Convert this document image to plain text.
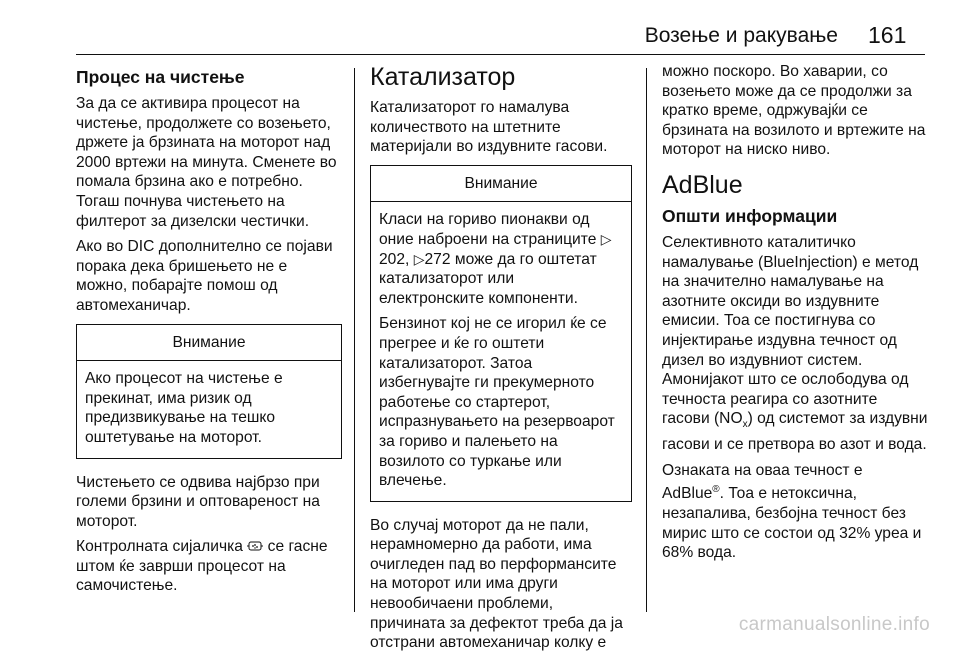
Возење и ракување 161
Процес на чистење

За да се активира процесот на чистење, продолжете со возењето, држете ја брзината на моторот над 2000 вртежи на минута. Сменете во помала брзина ако е потребно. Тогаш почнува чистењето на филтерот за дизелски честички.

Ако во DIC дополнително се појави порака дека бришењето не е можно, побарајте помош од автомеханичар.

Внимание

Ако процесот на чистење е прекинат, има ризик од предизвикување на тешко оштетување на моторот.

Чистењето се одвива најбрзо при големи брзини и оптовареност на моторот.

Контролната сијаличка се гасне штом ќе заврши процесот на самочистење.

Катализатор

Катализаторот го намалува количеството на штетните материјали во издувните гасови.

Внимание

Класи на гориво пионакви од оние наброени на страниците ▷202, ▷272 може да го оштетат катализаторот или електронските компоненти.

Бензинот кој не се игорил ќе се прегрее и ќе го оштети катализаторот. Затоа избегнувајте ги прекумерното работење со стартерот, испразнувањето на резервоарот за гориво и палењето на возилото со туркање или влечење.

Во случај моторот да не пали, нерамномерно да работи, има очигледен пад во перформансите на моторот или има други невообичаени проблеми, причината за дефектот треба да ја отстрани автомеханичар колку е

можно поскоро. Во хаварии, со возењето може да се продолжи за кратко време, одржувајќи се брзината на возилото и вртежите на моторот на ниско ниво.

AdBlue
Општи информации

Селективното каталитичко намалување (BlueInjection) е метод на значително намалување на азотните оксиди во издувните емисии. Тоа се постигнува со инјектирање издувна течност од дизел во издувниот систем. Амонијакот што се ослободува од течноста реагира со азотните гасови $(NO_x)$ од системот за издувни гасови и се претвора во азот и вода.

Ознаката на оваа течност е AdBlue®. Тоа е нетоксична, незапалива, безбојна течност без мирис што се состои од 32% уреа и 68% вода.

carmanualsonline.info
